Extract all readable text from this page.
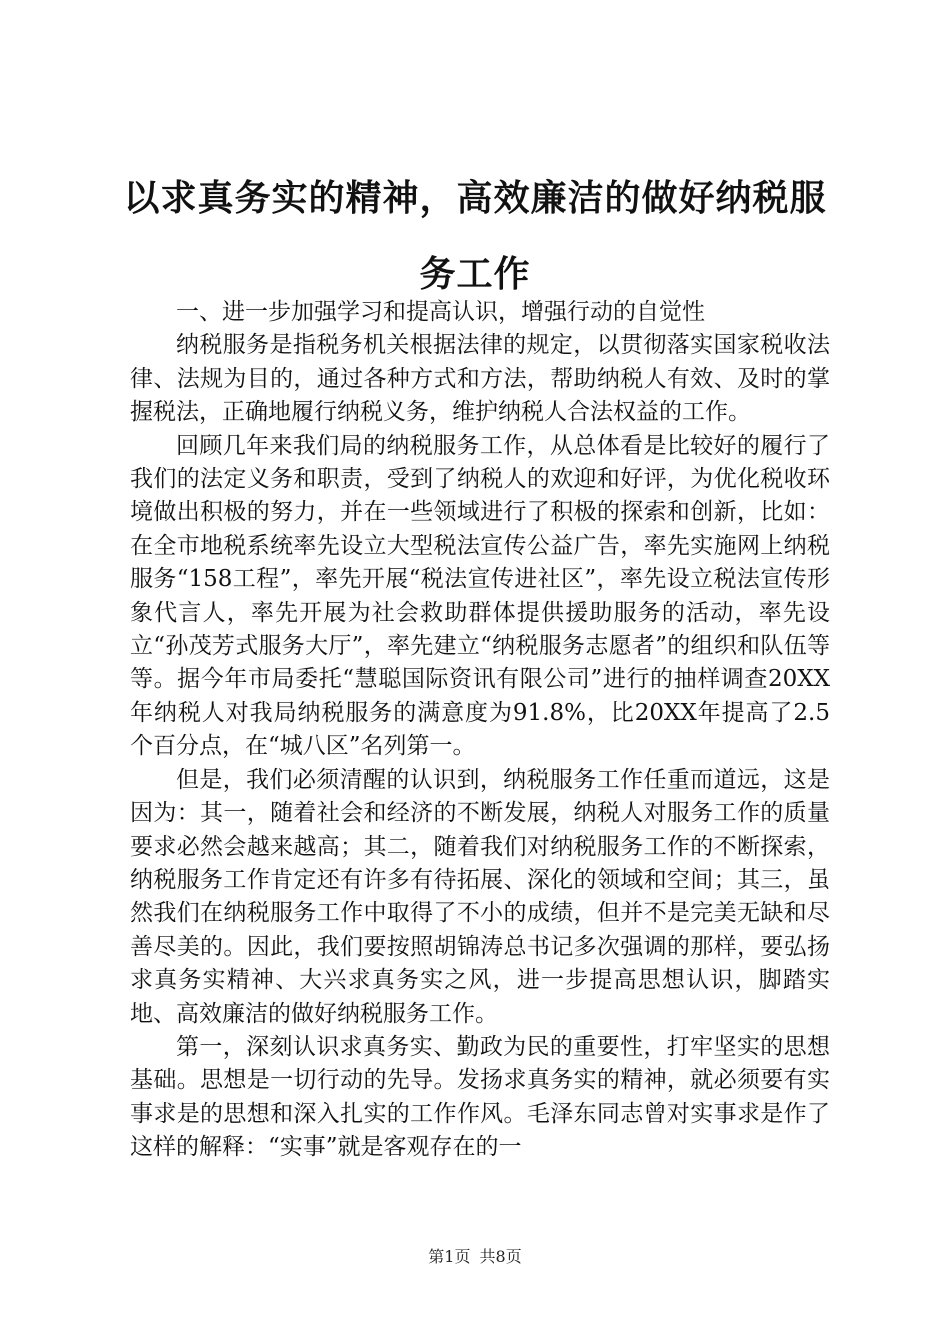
以求真务实的精神，高效廉洁的做好纳税服务工作

一、进一步加强学习和提高认识，增强行动的自觉性

纳税服务是指税务机关根据法律的规定，以贯彻落实国家税收法律、法规为目的，通过各种方式和方法，帮助纳税人有效、及时的掌握税法，正确地履行纳税义务，维护纳税人合法权益的工作。

回顾几年来我们局的纳税服务工作，从总体看是比较好的履行了我们的法定义务和职责，受到了纳税人的欢迎和好评，为优化税收环境做出积极的努力，并在一些领域进行了积极的探索和创新，比如：在全市地税系统率先设立大型税法宣传公益广告，率先实施网上纳税服务“158工程”，率先开展“税法宣传进社区”，率先设立税法宣传形象代言人，率先开展为社会救助群体提供援助服务的活动，率先设立“孙茂芳式服务大厅”，率先建立“纳税服务志愿者”的组织和队伍等等。据今年市局委托“慧聪国际资讯有限公司”进行的抽样调查20XX年纳税人对我局纳税服务的满意度为91.8%，比20XX年提高了2.5个百分点，在“城八区”名列第一。

但是，我们必须清醒的认识到，纳税服务工作任重而道远，这是因为：其一，随着社会和经济的不断发展，纳税人对服务工作的质量要求必然会越来越高；其二，随着我们对纳税服务工作的不断探索，纳税服务工作肯定还有许多有待拓展、深化的领域和空间；其三，虽然我们在纳税服务工作中取得了不小的成绩，但并不是完美无缺和尽善尽美的。因此，我们要按照胡锦涛总书记多次强调的那样，要弘扬求真务实精神、大兴求真务实之风，进一步提高思想认识，脚踏实地、高效廉洁的做好纳税服务工作。

第一，深刻认识求真务实、勤政为民的重要性，打牢坚实的思想基础。思想是一切行动的先导。发扬求真务实的精神，就必须要有实事求是的思想和深入扎实的工作作风。毛泽东同志曾对实事求是作了这样的解释：“实事”就是客观存在的一

第1页 共8页
